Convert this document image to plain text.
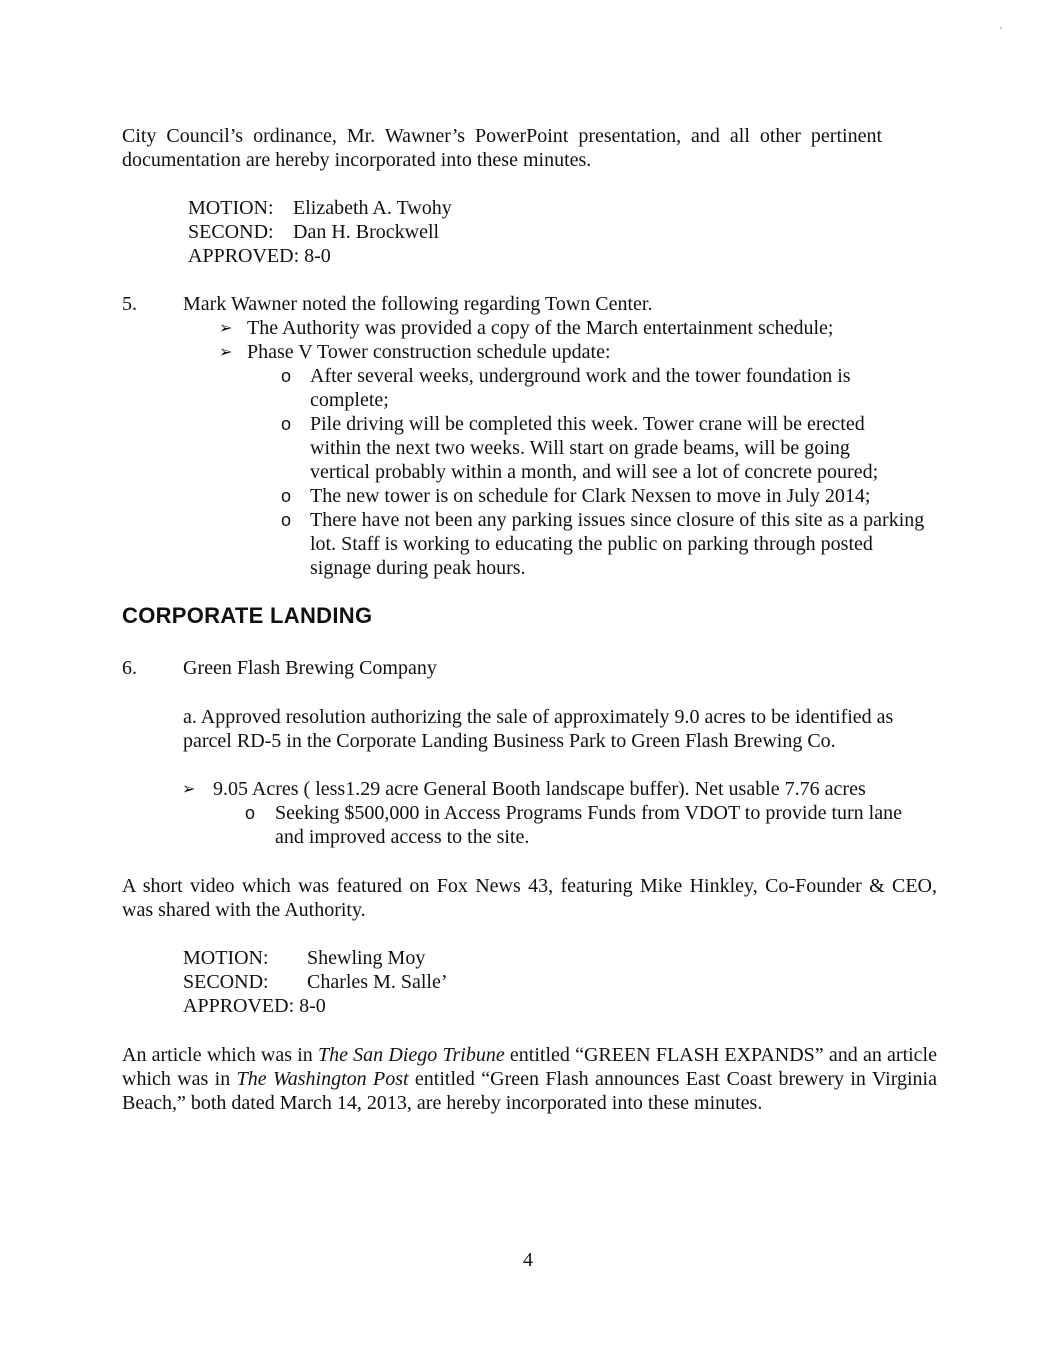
'
City Council’s ordinance, Mr. Wawner’s PowerPoint presentation, and all other pertinent documentation are hereby incorporated into these minutes.
MOTION: Elizabeth A. Twohy
SECOND: Dan H. Brockwell
APPROVED: 8-0
5. Mark Wawner noted the following regarding Town Center.
➢ The Authority was provided a copy of the March entertainment schedule;
➢ Phase V Tower construction schedule update:
o After several weeks, underground work and the tower foundation is complete;
o Pile driving will be completed this week. Tower crane will be erected within the next two weeks. Will start on grade beams, will be going vertical probably within a month, and will see a lot of concrete poured;
o The new tower is on schedule for Clark Nexsen to move in July 2014;
o There have not been any parking issues since closure of this site as a parking lot. Staff is working to educating the public on parking through posted signage during peak hours.
CORPORATE LANDING
6. Green Flash Brewing Company
a. Approved resolution authorizing the sale of approximately 9.0 acres to be identified as parcel RD-5 in the Corporate Landing Business Park to Green Flash Brewing Co.
➢ 9.05 Acres ( less1.29 acre General Booth landscape buffer). Net usable 7.76 acres
o Seeking $500,000 in Access Programs Funds from VDOT to provide turn lane and improved access to the site.
A short video which was featured on Fox News 43, featuring Mike Hinkley, Co-Founder & CEO, was shared with the Authority.
MOTION: Shewling Moy
SECOND: Charles M. Salle’
APPROVED: 8-0
An article which was in The San Diego Tribune entitled “GREEN FLASH EXPANDS” and an article which was in The Washington Post entitled “Green Flash announces East Coast brewery in Virginia Beach,” both dated March 14, 2013, are hereby incorporated into these minutes.
4
